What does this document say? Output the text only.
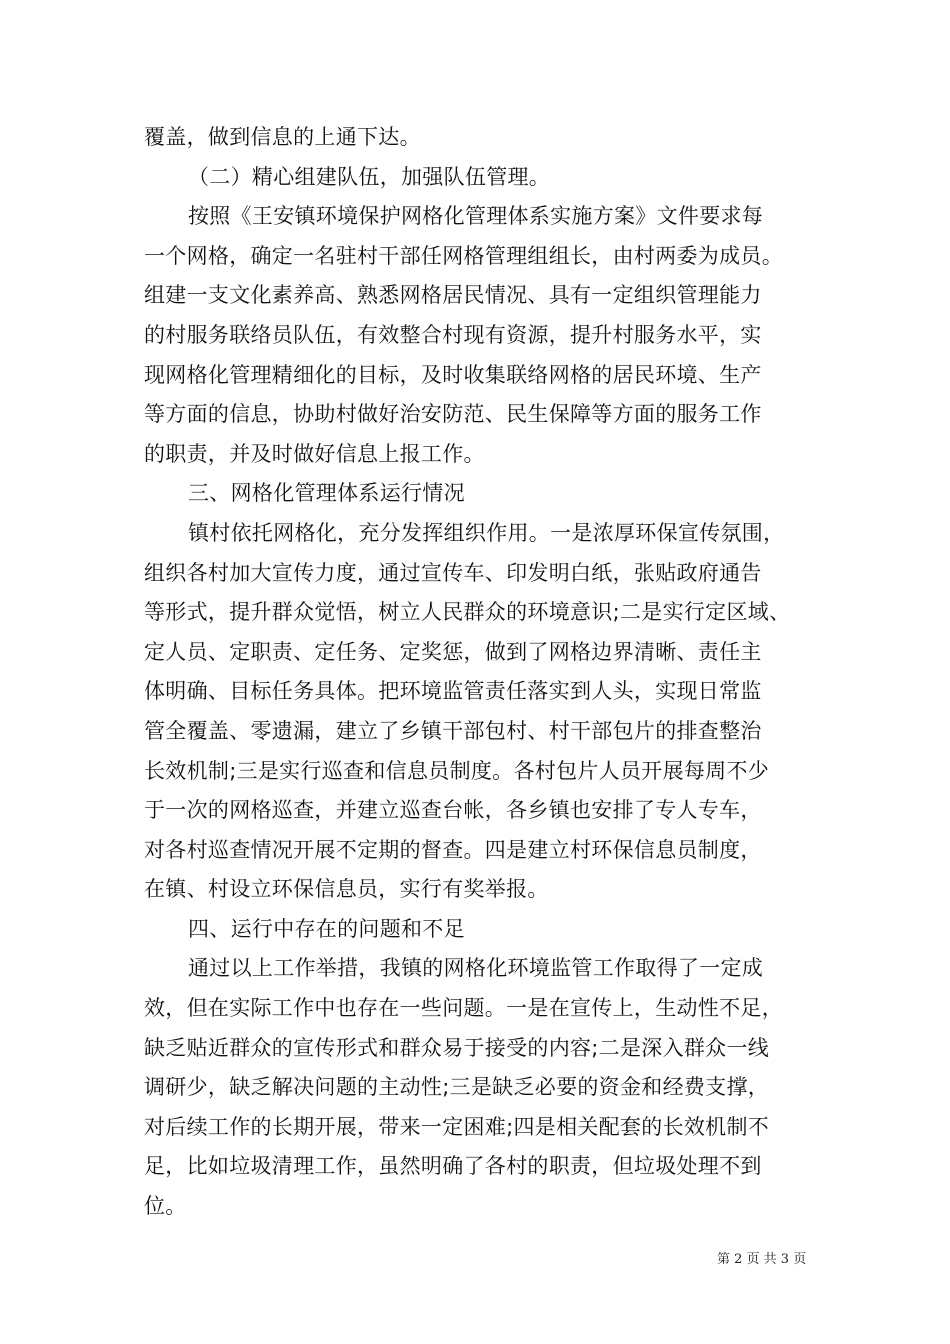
覆盖，做到信息的上通下达。
（二）精心组建队伍，加强队伍管理。
按照《王安镇环境保护网格化管理体系实施方案》文件要求每
一个网格，确定一名驻村干部任网格管理组组长，由村两委为成员。
组建一支文化素养高、熟悉网格居民情况、具有一定组织管理能力
的村服务联络员队伍，有效整合村现有资源，提升村服务水平，实
现网格化管理精细化的目标，及时收集联络网格的居民环境、生产
等方面的信息，协助村做好治安防范、民生保障等方面的服务工作
的职责，并及时做好信息上报工作。
三、网格化管理体系运行情况
镇村依托网格化，充分发挥组织作用。一是浓厚环保宣传氛围，
组织各村加大宣传力度，通过宣传车、印发明白纸，张贴政府通告
等形式，提升群众觉悟，树立人民群众的环境意识;二是实行定区域、
定人员、定职责、定任务、定奖惩，做到了网格边界清晰、责任主
体明确、目标任务具体。把环境监管责任落实到人头，实现日常监
管全覆盖、零遗漏，建立了乡镇干部包村、村干部包片的排查整治
长效机制;三是实行巡查和信息员制度。各村包片人员开展每周不少
于一次的网格巡查，并建立巡查台帐，各乡镇也安排了专人专车，
对各村巡查情况开展不定期的督查。四是建立村环保信息员制度，
在镇、村设立环保信息员，实行有奖举报。
四、运行中存在的问题和不足
通过以上工作举措，我镇的网格化环境监管工作取得了一定成
效，但在实际工作中也存在一些问题。一是在宣传上，生动性不足，
缺乏贴近群众的宣传形式和群众易于接受的内容;二是深入群众一线
调研少，缺乏解决问题的主动性;三是缺乏必要的资金和经费支撑，
对后续工作的长期开展，带来一定困难;四是相关配套的长效机制不
足，比如垃圾清理工作，虽然明确了各村的职责，但垃圾处理不到
位。
第 2 页 共 3 页
